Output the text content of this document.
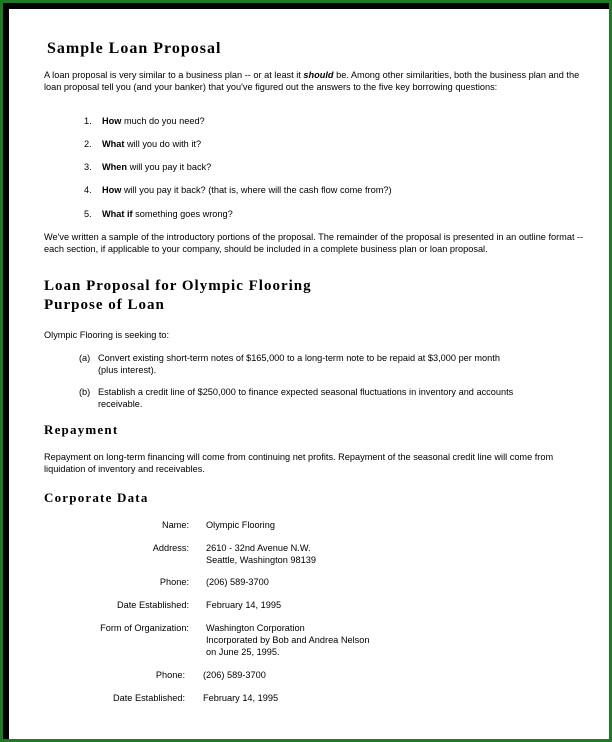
Sample Loan Proposal
A loan proposal is very similar to a business plan -- or at least it should be. Among other similarities, both the business plan and the loan proposal tell you (and your banker) that you've figured out the answers to the five key borrowing questions:
1. How much do you need?
2. What will you do with it?
3. When will you pay it back?
4. How will you pay it back? (that is, where will the cash flow come from?)
5. What if something goes wrong?
We've written a sample of the introductory portions of the proposal. The remainder of the proposal is presented in an outline format -- each section, if applicable to your company, should be included in a complete business plan or loan proposal.
Loan Proposal for Olympic Flooring
Purpose of Loan
Olympic Flooring is seeking to:
(a) Convert existing short-term notes of $165,000 to a long-term note to be repaid at $3,000 per month (plus interest).
(b) Establish a credit line of $250,000 to finance expected seasonal fluctuations in inventory and accounts receivable.
Repayment
Repayment on long-term financing will come from continuing net profits. Repayment of the seasonal credit line will come from liquidation of inventory and receivables.
Corporate Data
Name: Olympic Flooring
Address: 2610 - 32nd Avenue N.W.
Seattle, Washington 98139
Phone: (206) 589-3700
Date Established: February 14, 1995
Form of Organization: Washington Corporation
Incorporated by Bob and Andrea Nelson
on June 25, 1995.
Phone: (206) 589-3700
Date Established: February 14, 1995
